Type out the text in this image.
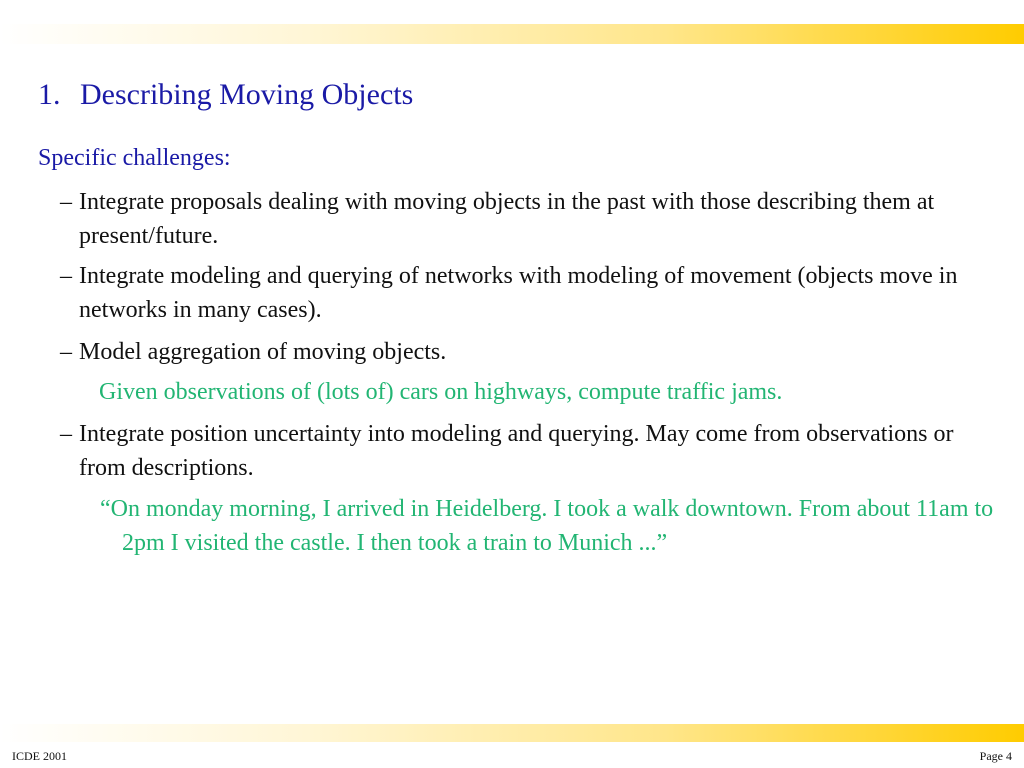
1. Describing Moving Objects
Specific challenges:
– Integrate proposals dealing with moving objects in the past with those describing them at present/future.
– Integrate modeling and querying of networks with modeling of movement (objects move in networks in many cases).
– Model aggregation of moving objects.
Given observations of (lots of) cars on highways, compute traffic jams.
– Integrate position uncertainty into modeling and querying. May come from observations or from descriptions.
“On monday morning, I arrived in Heidelberg. I took a walk downtown. From about 11am to 2pm I visited the castle. I then took a train to Munich ...”
ICDE 2001	Page 4
